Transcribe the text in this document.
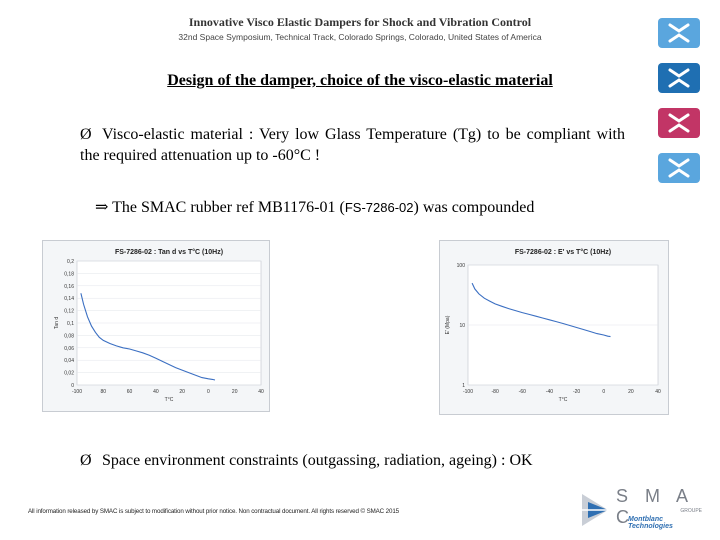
Innovative Visco Elastic Dampers for Shock and Vibration Control
32nd Space Symposium, Technical Track, Colorado Springs, Colorado, United States of America
Design of the damper, choice of the visco-elastic material
Ø Visco-elastic material : Very low Glass Temperature (Tg) to be compliant with the required attenuation up to -60°C !
⇒ The SMAC rubber ref MB1176-01 (FS-7286-02) was compounded
FS-7286-02 : Tan d vs T°C (10Hz)
0
0,02
0,04
0,06
0,08
0,1
0,12
0,14
0,16
0,18
0,2
-100	80	60	40	20	0	20	40
T°C
Tan d
FS-7286-02 : E' vs T°C (10Hz)
1
10
100
-100	-80	-60	-40	-20	0	20	40
T°C
E' (Mpa)
Ø Space environment constraints (outgassing, radiation, ageing) : OK
All information released by SMAC is subject to modification without prior notice. Non contractual document. All rights reserved © SMAC 2015
S M A C	GROUPE
Montblanc Technologies
